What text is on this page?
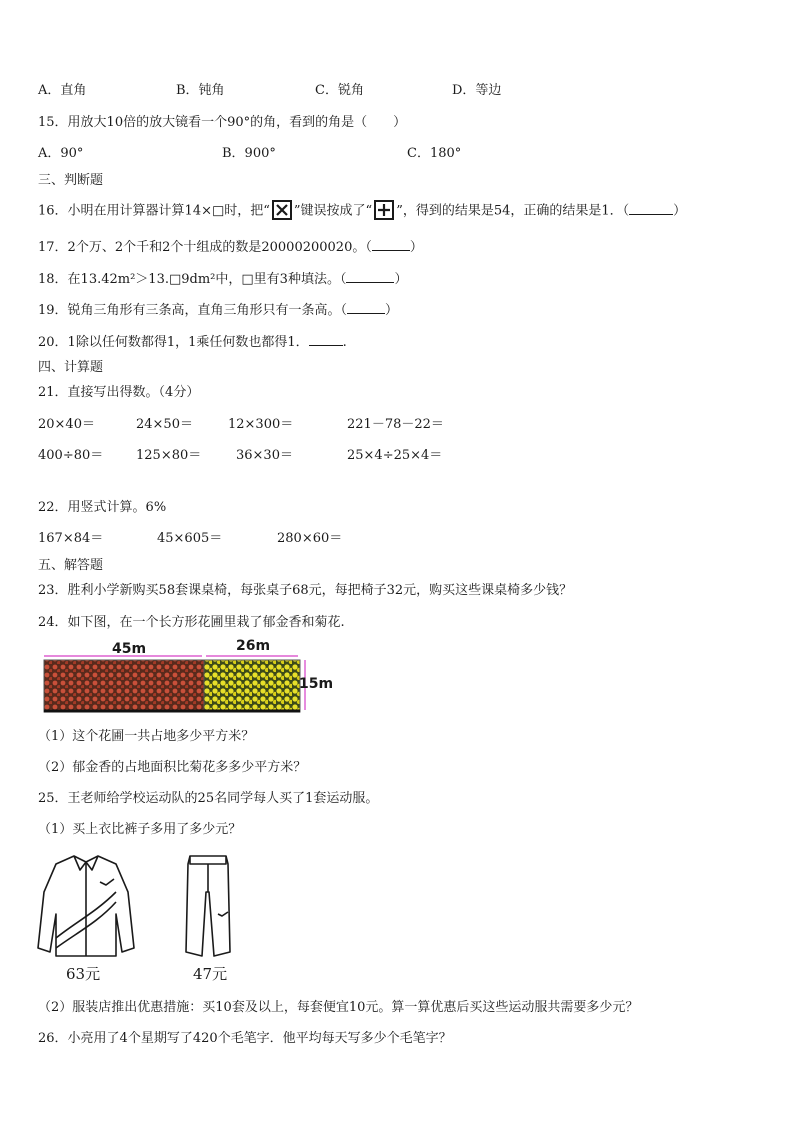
A．直角	B．钝角	C．锐角	D．等边
15．用放大10倍的放大镜看一个90°的角，看到的角是（　　）
A．90°	B．900°	C．180°
三、判断题
16．小明在用计算器计算14×□时，把“ ”键误按成了“ ”，得到的结果是54，正确的结果是1．（	）
17．2个万、2个千和2个十组成的数是20000200020。（	）
18．在13.42m²＞13.□9dm²中，□里有3种填法。（	）
19．锐角三角形有三条高，直角三角形只有一条高。（	）
20．1除以任何数都得1，1乘任何数也都得1．	.
四、计算题
21．直接写出得数。（4分）
20×40＝	24×50＝	12×300＝	221－78－22＝
400÷80＝	125×80＝	36×30＝	25×4÷25×4＝
22．用竖式计算。6%
167×84＝	45×605＝	280×60＝
五、解答题
23．胜利小学新购买58套课桌椅，每张桌子68元，每把椅子32元，购买这些课桌椅多少钱？
24．如下图，在一个长方形花圃里栽了郁金香和菊花.
45m	26m
15m
（1）这个花圃一共占地多少平方米？
（2）郁金香的占地面积比菊花多多少平方米？
25．王老师给学校运动队的25名同学每人买了1套运动服。
（1）买上衣比裤子多用了多少元？
63元	47元
（2）服装店推出优惠措施：买10套及以上，每套便宜10元。算一算优惠后买这些运动服共需要多少元？
26．小亮用了4个星期写了420个毛笔字．他平均每天写多少个毛笔字？
